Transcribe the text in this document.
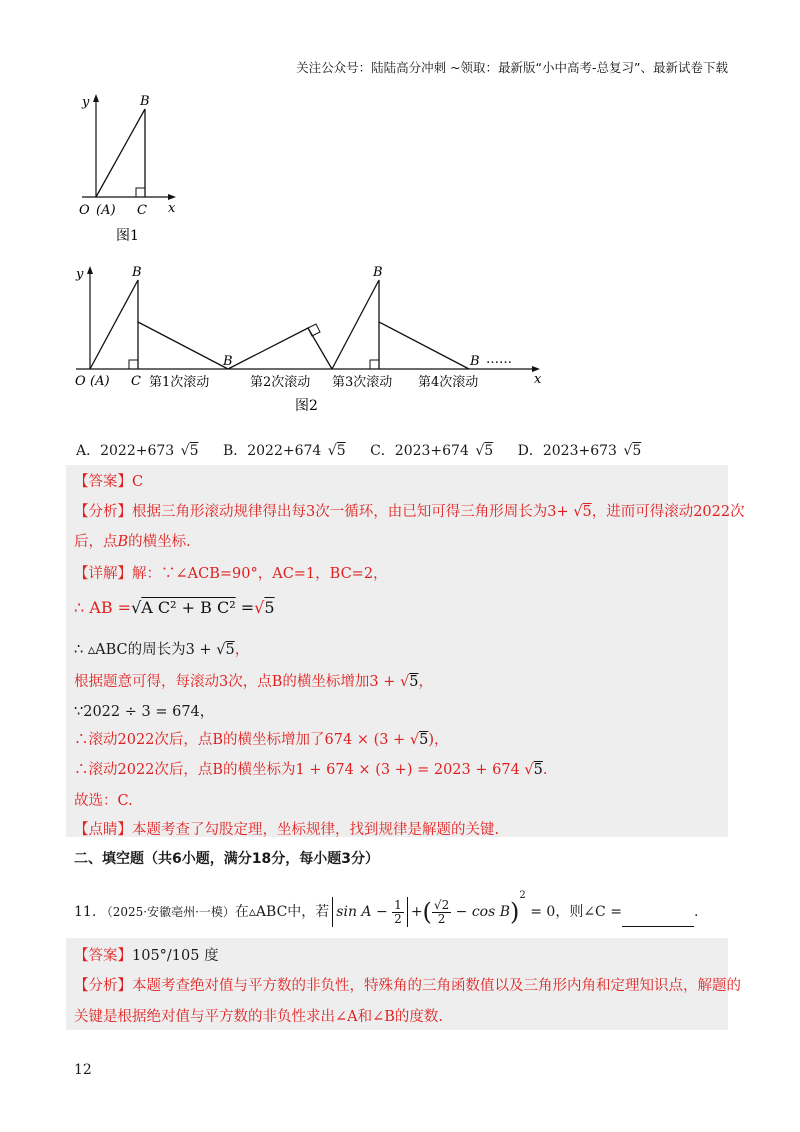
关注公众号：陆陆高分冲刺 ~领取：最新版“小中高考-总复习”、最新试卷下载
y	B
O (A) C x
图1
y	B
B
B
B ……
O (A) C	x
第1次滚动	第2次滚动 第3次滚动 第4次滚动
图2
A．2022+673 √5 B．2022+674 √5 C．2023+674 √5 D．2023+673 √5
【答案】C
【分析】根据三角形滚动规律得出每3次一循环，由已知可得三角形周长为3+ √5，进而可得滚动2022次
后，点B的横坐标.
【详解】解：∵∠ACB=90°，AC=1，BC=2，
∴ AB =√A C² + B C² =√5
∴ ▵ABC的周长为3 + √5，
根据题意可得，每滚动3次，点B的横坐标增加3 + √5，
∵2022 ÷ 3 = 674，
∴滚动2022次后，点B的横坐标增加了674 × (3 + √5)，
∴滚动2022次后，点B的横坐标为1 + 674 × (3 +) = 2023 + 674 √5.
故选：C.
【点睛】本题考查了勾股定理，坐标规律，找到规律是解题的关键.
二、填空题（共6小题，满分18分，每小题3分）
11. （2025·安徽亳州·一模）在▵ABC中，若 $\sin A - \frac{1}{2}$ +( $\frac{√2}{2} - \cos B)^2 = 0$，则∠C =	.
【答案】105°/105 度
【分析】本题考查绝对值与平方数的非负性，特殊角的三角函数值以及三角形内角和定理知识点，解题的
关键是根据绝对值与平方数的非负性求出∠A和∠B的度数.
12
